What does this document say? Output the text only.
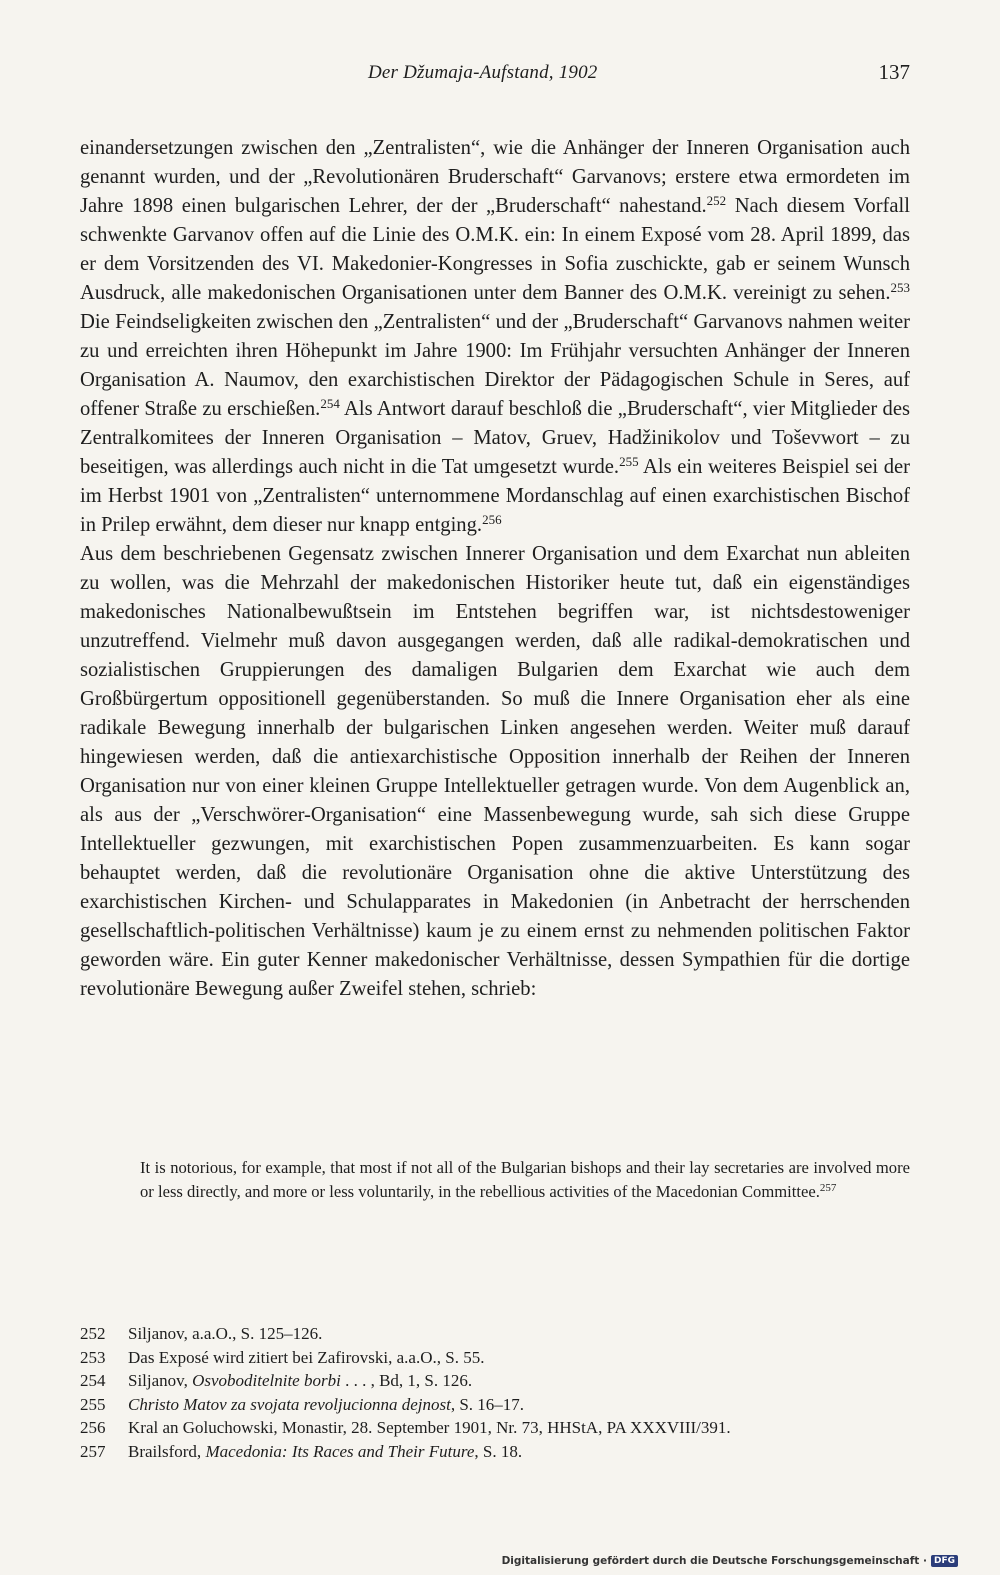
Der Džumaja-Aufstand, 1902	137

einandersetzungen zwischen den „Zentralisten“, wie die Anhänger der Inneren Organisation auch genannt wurden, und der „Revolutionären Bruderschaft“ Garvanovs; erstere etwa ermordeten im Jahre 1898 einen bulgarischen Lehrer, der der „Bruderschaft“ nahestand.$^{252}$ Nach diesem Vorfall schwenkte Garvanov offen auf die Linie des O.M.K. ein: In einem Exposé vom 28. April 1899, das er dem Vorsitzenden des VI. Makedonier-Kongresses in Sofia zuschickte, gab er seinem Wunsch Ausdruck, alle makedonischen Organisationen unter dem Banner des O.M.K. vereinigt zu sehen.$^{253}$ Die Feindseligkeiten zwischen den „Zentralisten“ und der „Bruderschaft“ Garvanovs nahmen weiter zu und erreichten ihren Höhepunkt im Jahre 1900: Im Frühjahr versuchten Anhänger der Inneren Organisation A. Naumov, den exarchistischen Direktor der Pädagogischen Schule in Seres, auf offener Straße zu erschießen.$^{254}$ Als Antwort darauf beschloß die „Bruderschaft“, vier Mitglieder des Zentralkomitees der Inneren Organisation – Matov, Gruev, Hadžinikolov und Toševwort – zu beseitigen, was allerdings auch nicht in die Tat umgesetzt wurde.$^{255}$ Als ein weiteres Beispiel sei der im Herbst 1901 von „Zentralisten“ unternommene Mordanschlag auf einen exarchistischen Bischof in Prilep erwähnt, dem dieser nur knapp entging.$^{256}$

Aus dem beschriebenen Gegensatz zwischen Innerer Organisation und dem Exarchat nun ableiten zu wollen, was die Mehrzahl der makedonischen Historiker heute tut, daß ein eigenständiges makedonisches Nationalbewußtsein im Entstehen begriffen war, ist nichtsdestoweniger unzutreffend. Vielmehr muß davon ausgegangen werden, daß alle radikal-demokratischen und sozialistischen Gruppierungen des damaligen Bulgarien dem Exarchat wie auch dem Großbürgertum oppositionell gegenüberstanden. So muß die Innere Organisation eher als eine radikale Bewegung innerhalb der bulgarischen Linken angesehen werden. Weiter muß darauf hingewiesen werden, daß die antiexarchistische Opposition innerhalb der Reihen der Inneren Organisation nur von einer kleinen Gruppe Intellektueller getragen wurde. Von dem Augenblick an, als aus der „Verschwörer-Organisation“ eine Massenbewegung wurde, sah sich diese Gruppe Intellektueller gezwungen, mit exarchistischen Popen zusammenzuarbeiten. Es kann sogar behauptet werden, daß die revolutionäre Organisation ohne die aktive Unterstützung des exarchistischen Kirchen- und Schulapparates in Makedonien (in Anbetracht der herrschenden gesellschaftlich-politischen Verhältnisse) kaum je zu einem ernst zu nehmenden politischen Faktor geworden wäre. Ein guter Kenner makedonischer Verhältnisse, dessen Sympathien für die dortige revolutionäre Bewegung außer Zweifel stehen, schrieb:

It is notorious, for example, that most if not all of the Bulgarian bishops and their lay secretaries are involved more or less directly, and more or less voluntarily, in the rebellious activities of the Macedonian Committee.$^{257}$
252	Siljanov, a.a.O., S. 125–126.
253	Das Exposé wird zitiert bei Zafirovski, a.a.O., S. 55.
254	Siljanov, Osvoboditelnite borbi . . . , Bd, 1, S. 126.
255	Christo Matov za svojata revoljucionna dejnost, S. 16–17.
256	Kral an Goluchowski, Monastir, 28. September 1901, Nr. 73, HHStA, PA XXXVIII/391.
257	Brailsford, Macedonia: Its Races and Their Future, S. 18.
Digitalisierung gefördert durch die Deutsche Forschungsgemeinschaft · DFG
